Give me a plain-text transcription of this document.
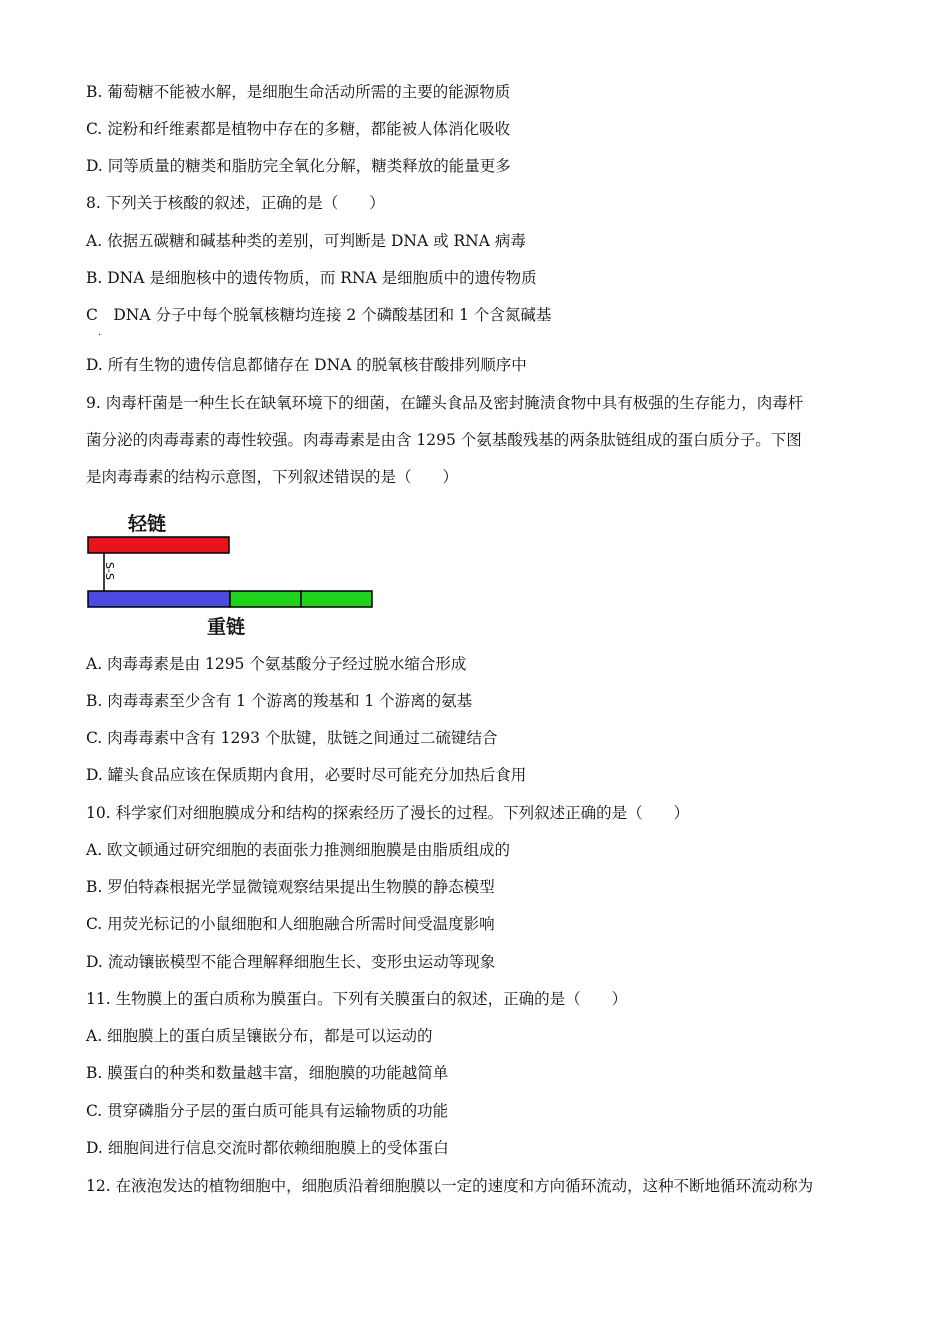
B. 葡萄糖不能被水解，是细胞生命活动所需的主要的能源物质
C. 淀粉和纤维素都是植物中存在的多糖，都能被人体消化吸收
D. 同等质量的糖类和脂肪完全氧化分解，糖类释放的能量更多
8. 下列关于核酸的叙述，正确的是（　　）
A. 依据五碳糖和碱基种类的差别，可判断是 DNA 或 RNA 病毒
B. DNA 是细胞核中的遗传物质，而 RNA 是细胞质中的遗传物质
C　DNA 分子中每个脱氧核糖均连接 2 个磷酸基团和 1 个含氮碱基
·
D. 所有生物的遗传信息都储存在 DNA 的脱氧核苷酸排列顺序中
9. 肉毒杆菌是一种生长在缺氧环境下的细菌，在罐头食品及密封腌渍食物中具有极强的生存能力，肉毒杆
菌分泌的肉毒毒素的毒性较强。肉毒毒素是由含 1295 个氨基酸残基的两条肽链组成的蛋白质分子。下图
是肉毒毒素的结构示意图，下列叙述错误的是（　　）
轻链
S-S
重链
A. 肉毒毒素是由 1295 个氨基酸分子经过脱水缩合形成
B. 肉毒毒素至少含有 1 个游离的羧基和 1 个游离的氨基
C. 肉毒毒素中含有 1293 个肽键，肽链之间通过二硫键结合
D. 罐头食品应该在保质期内食用，必要时尽可能充分加热后食用
10. 科学家们对细胞膜成分和结构的探索经历了漫长的过程。下列叙述正确的是（　　）
A. 欧文顿通过研究细胞的表面张力推测细胞膜是由脂质组成的
B. 罗伯特森根据光学显微镜观察结果提出生物膜的静态模型
C. 用荧光标记的小鼠细胞和人细胞融合所需时间受温度影响
D. 流动镶嵌模型不能合理解释细胞生长、变形虫运动等现象
11. 生物膜上的蛋白质称为膜蛋白。下列有关膜蛋白的叙述，正确的是（　　）
A. 细胞膜上的蛋白质呈镶嵌分布，都是可以运动的
B. 膜蛋白的种类和数量越丰富，细胞膜的功能越简单
C. 贯穿磷脂分子层的蛋白质可能具有运输物质的功能
D. 细胞间进行信息交流时都依赖细胞膜上的受体蛋白
12. 在液泡发达的植物细胞中，细胞质沿着细胞膜以一定的速度和方向循环流动，这种不断地循环流动称为
